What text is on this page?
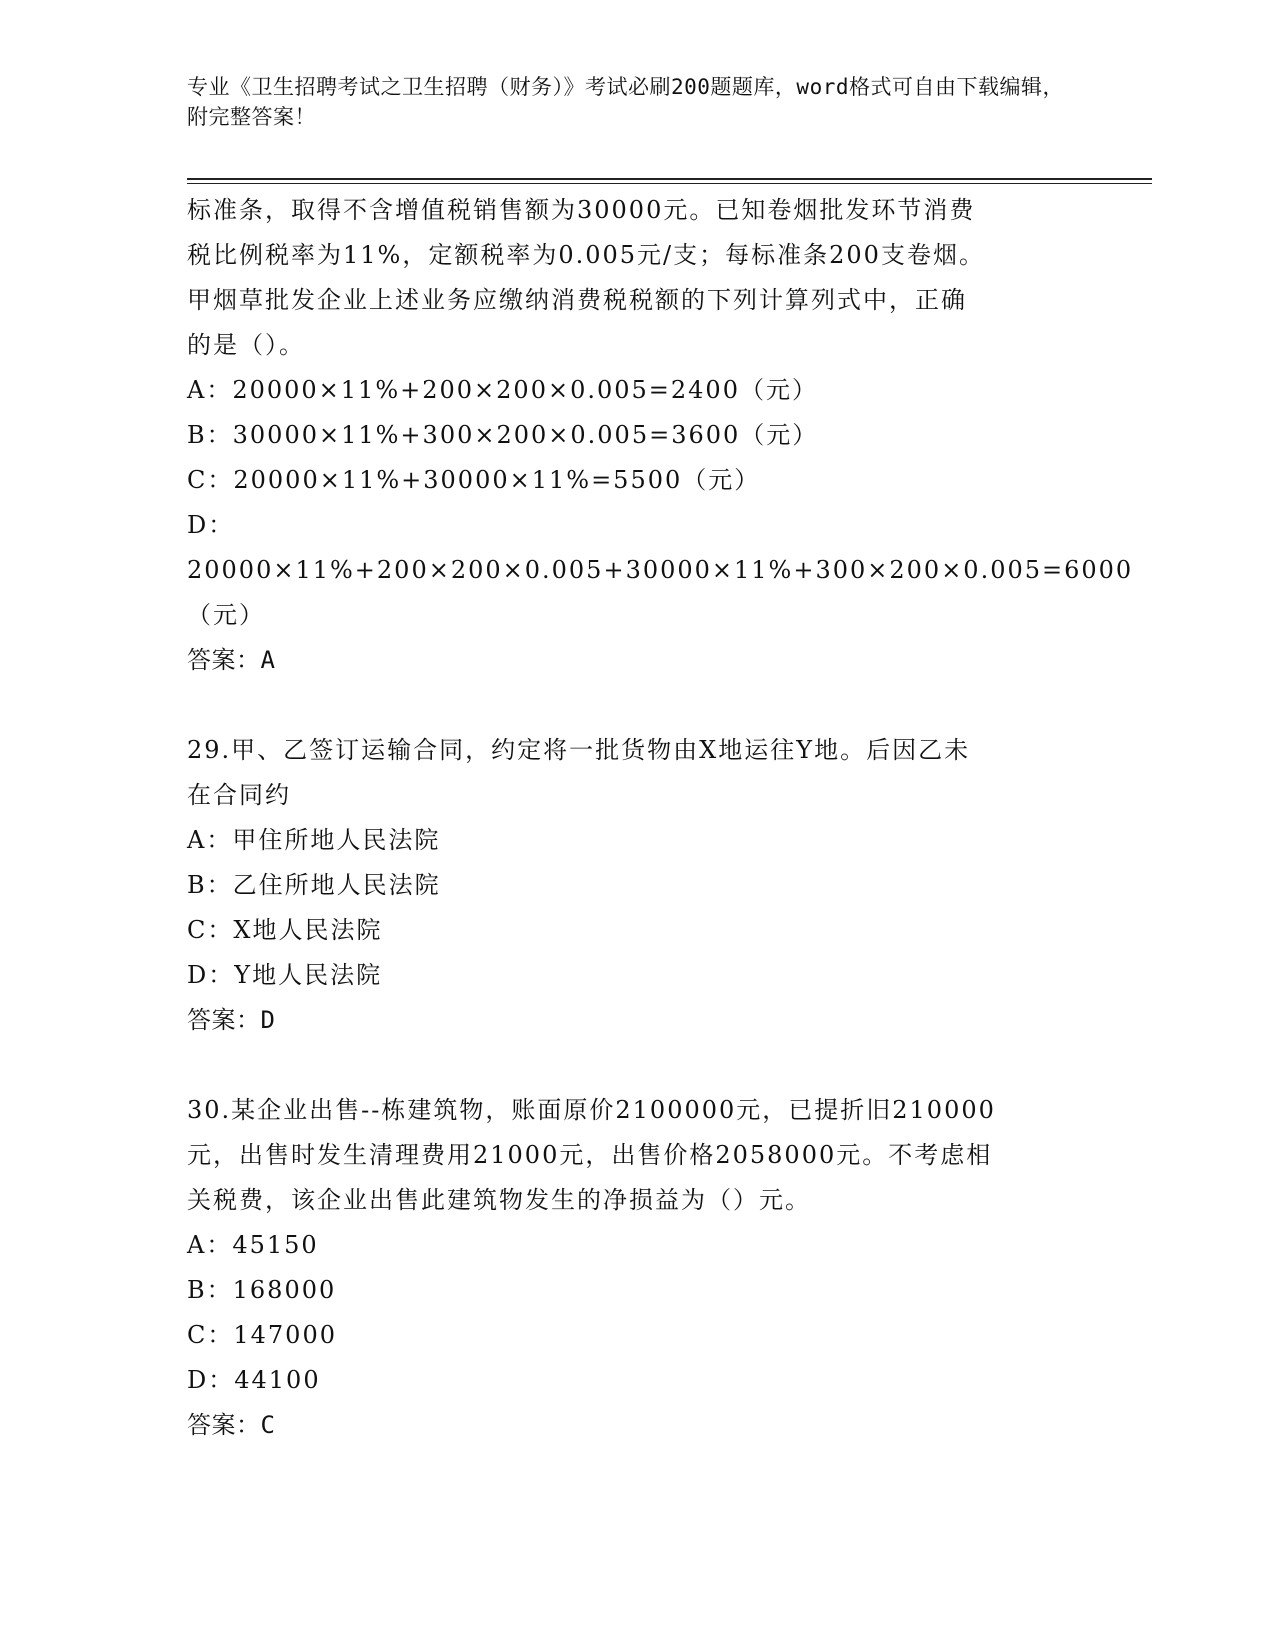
专业《卫生招聘考试之卫生招聘（财务）》考试必刷200题题库，word格式可自由下载编辑，附完整答案！

标准条，取得不含增值税销售额为30000元。已知卷烟批发环节消费

税比例税率为11%，定额税率为0.005元/支；每标准条200支卷烟。

甲烟草批发企业上述业务应缴纳消费税税额的下列计算列式中，正确

的是（）。

A：20000×11%+200×200×0.005=2400（元）

B：30000×11%+300×200×0.005=3600（元）

C：20000×11%+30000×11%=5500（元）

D：20000×11%+200×200×0.005+30000×11%+300×200×0.005=6000

（元）

答案：A

29.甲、乙签订运输合同，约定将一批货物由X地运往Y地。后因乙未

在合同约

A：甲住所地人民法院

B：乙住所地人民法院

C：X地人民法院

D：Y地人民法院

答案：D

30.某企业出售--栋建筑物，账面原价2100000元，已提折旧210000

元，出售时发生清理费用21000元，出售价格2058000元。不考虑相

关税费，该企业出售此建筑物发生的净损益为（）元。

A：45150

B：168000

C：147000

D：44100

答案：C
